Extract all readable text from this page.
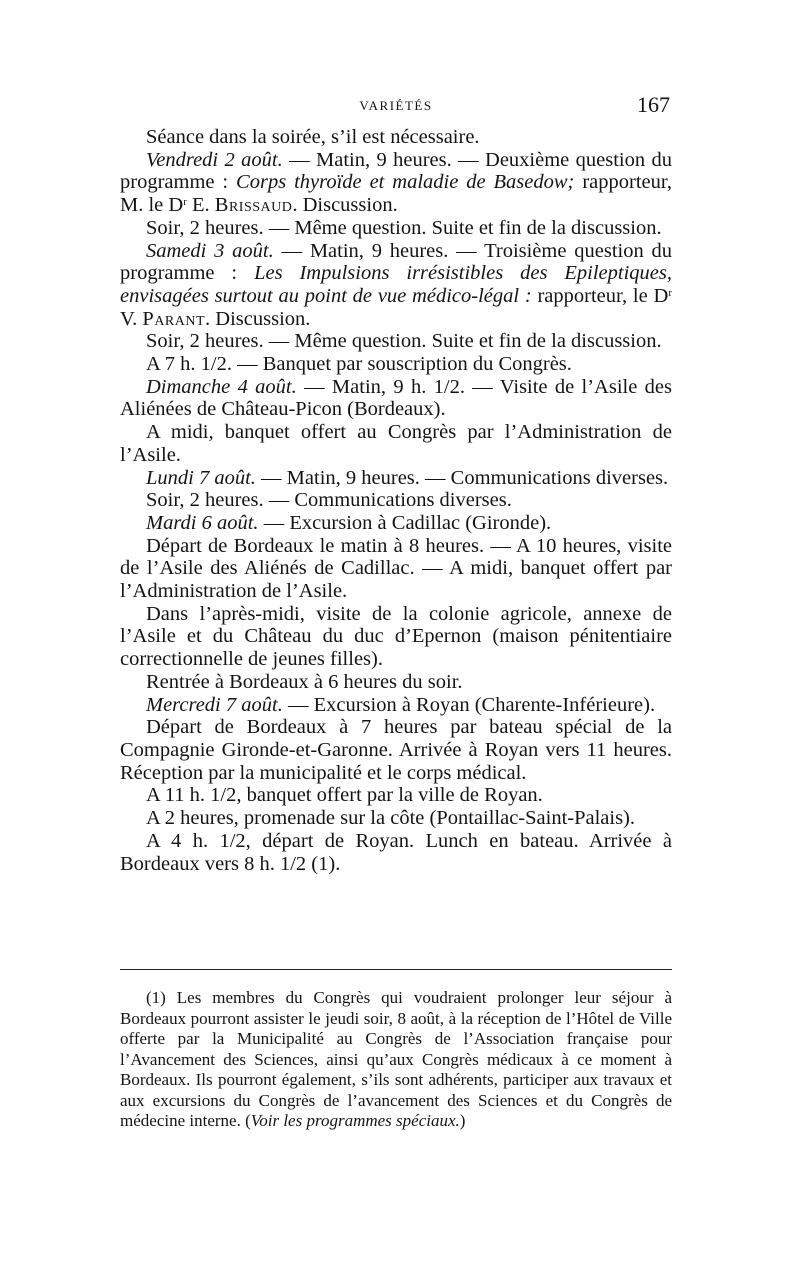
VARIÉTÉS	167

Séance dans la soirée, s’il est nécessaire.

Vendredi 2 août. — Matin, 9 heures. — Deuxième question du programme : Corps thyroïde et maladie de Basedow; rapporteur, M. le $D^r$ E. Brissaud. Discussion.

Soir, 2 heures. — Même question. Suite et fin de la discussion.

Samedi 3 août. — Matin, 9 heures. — Troisième question du programme : Les Impulsions irrésistibles des Epileptiques, envisagées surtout au point de vue médico-légal : rapporteur, le $D^r$ V. Parant. Discussion.

Soir, 2 heures. — Même question. Suite et fin de la discussion.

A 7 h. 1/2. — Banquet par souscription du Congrès.

Dimanche 4 août. — Matin, 9 h. 1/2. — Visite de l’Asile des Aliénées de Château-Picon (Bordeaux).

A midi, banquet offert au Congrès par l’Administration de l’Asile.

Lundi 7 août. — Matin, 9 heures. — Communications diverses.

Soir, 2 heures. — Communications diverses.

Mardi 6 août. — Excursion à Cadillac (Gironde).

Départ de Bordeaux le matin à 8 heures. — A 10 heures, visite de l’Asile des Aliénés de Cadillac. — A midi, banquet offert par l’Administration de l’Asile.

Dans l’après-midi, visite de la colonie agricole, annexe de l’Asile et du Château du duc d’Epernon (maison pénitentiaire correctionnelle de jeunes filles).

Rentrée à Bordeaux à 6 heures du soir.

Mercredi 7 août. — Excursion à Royan (Charente-Inférieure).

Départ de Bordeaux à 7 heures par bateau spécial de la Compagnie Gironde-et-Garonne. Arrivée à Royan vers 11 heures. Réception par la municipalité et le corps médical.

A 11 h. 1/2, banquet offert par la ville de Royan.

A 2 heures, promenade sur la côte (Pontaillac-Saint-Palais).

A 4 h. 1/2, départ de Royan. Lunch en bateau. Arrivée à Bordeaux vers 8 h. 1/2 (1).

(1) Les membres du Congrès qui voudraient prolonger leur séjour à Bordeaux pourront assister le jeudi soir, 8 août, à la réception de l’Hôtel de Ville offerte par la Municipalité au Congrès de l’Association française pour l’Avancement des Sciences, ainsi qu’aux Congrès médicaux à ce moment à Bordeaux. Ils pourront également, s’ils sont adhérents, participer aux travaux et aux excursions du Congrès de l’avancement des Sciences et du Congrès de médecine interne. (Voir les programmes spéciaux.)
